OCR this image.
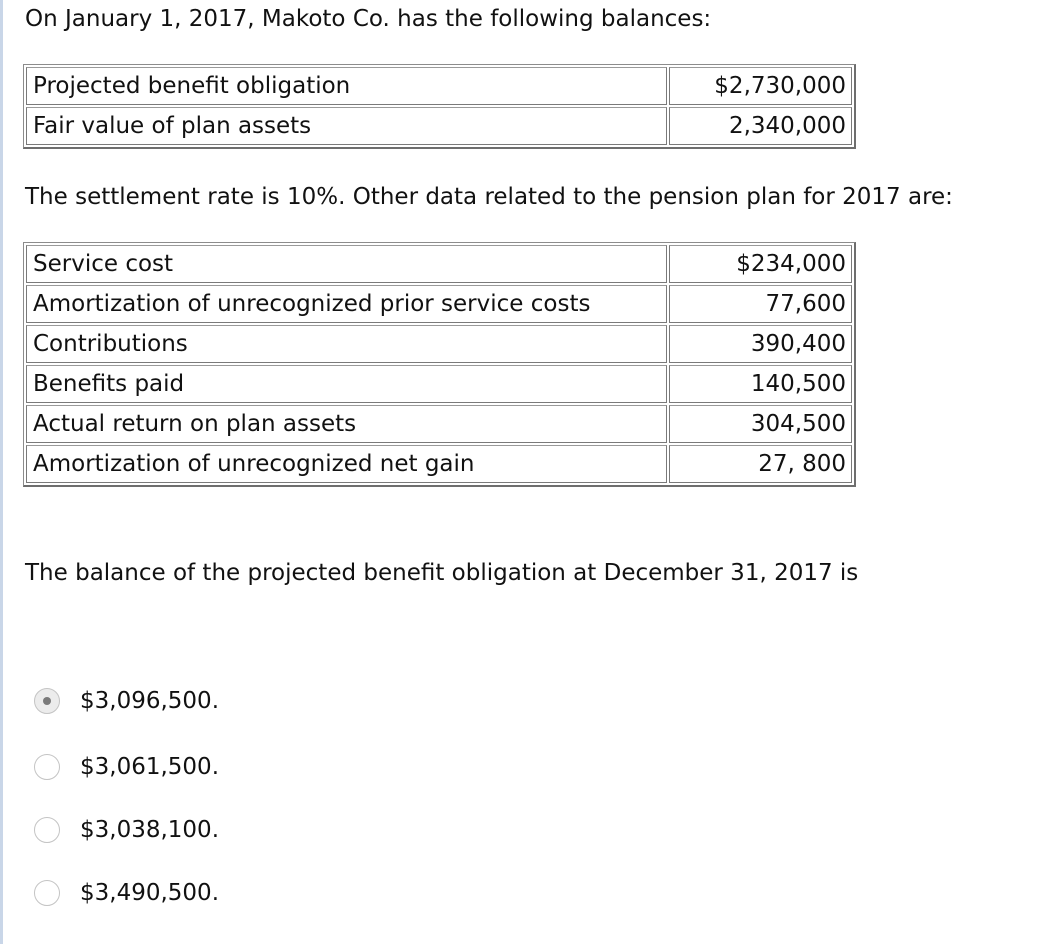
On January 1, 2017, Makoto Co. has the following balances:
Projected benefit obligation	$2,730,000
Fair value of plan assets	2,340,000
The settlement rate is 10%. Other data related to the pension plan for 2017 are:
Service cost	$234,000
Amortization of unrecognized prior service costs	77,600
Contributions	390,400
Benefits paid	140,500
Actual return on plan assets	304,500
Amortization of unrecognized net gain	27, 800
The balance of the projected benefit obligation at December 31, 2017 is
$3,096,500.
$3,061,500.
$3,038,100.
$3,490,500.
